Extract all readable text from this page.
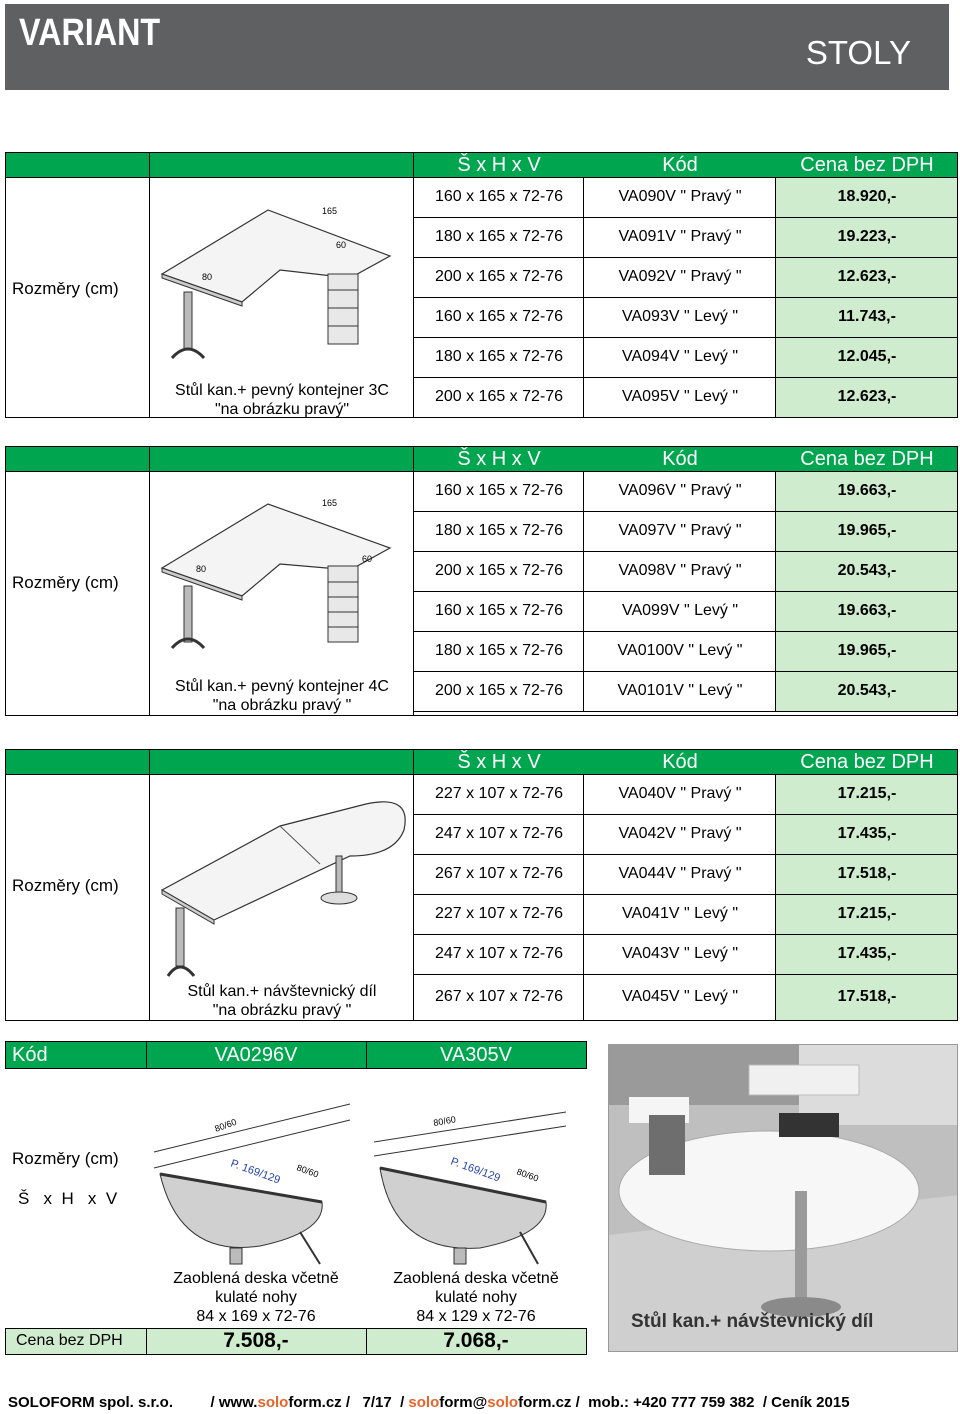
VARIANT	STOLY
Š x H x V	Kód	Cena bez DPH
Rozměry (cm)
165
60
80
Stůl kan.+ pevný kontejner 3C
"na obrázku pravý"
160 x 165 x 72-76	VA090V " Pravý "	18.920,-
180 x 165 x 72-76	VA091V " Pravý "	19.223,-
200 x 165 x 72-76	VA092V " Pravý "	12.623,-
160 x 165 x 72-76	VA093V " Levý "	11.743,-
180 x 165 x 72-76	VA094V " Levý "	12.045,-
200 x 165 x 72-76	VA095V " Levý "	12.623,-
Š x H x V	Kód	Cena bez DPH
Rozměry (cm)
165
60
80
Stůl kan.+ pevný kontejner 4C
"na obrázku pravý "
160 x 165 x 72-76	VA096V " Pravý "	19.663,-
180 x 165 x 72-76	VA097V " Pravý "	19.965,-
200 x 165 x 72-76	VA098V " Pravý "	20.543,-
160 x 165 x 72-76	VA099V " Levý "	19.663,-
180 x 165 x 72-76	VA0100V " Levý "	19.965,-
200 x 165 x 72-76	VA0101V " Levý "	20.543,-
Š x H x V	Kód	Cena bez DPH
Rozměry (cm)
Stůl kan.+ návštevnický díl
"na obrázku pravý "
227 x 107 x 72-76	VA040V " Pravý "	17.215,-
247 x 107 x 72-76	VA042V " Pravý "	17.435,-
267 x 107 x 72-76	VA044V " Pravý "	17.518,-
227 x 107 x 72-76	VA041V " Levý "	17.215,-
247 x 107 x 72-76	VA043V " Levý "	17.435,-
267 x 107 x 72-76	VA045V " Levý "	17.518,-
Kód	VA0296V	VA305V
Rozměry (cm)
Š   x  H   x  V
80/60
P. 169/129 80/60
80/60
P. 169/129 80/60
Zaoblená deska včetně
kulaté nohy
84 x 169 x 72-76
Zaoblená deska včetně
kulaté nohy
84 x 129 x 72-76
Cena bez DPH	7.508,-	7.068,-
Stůl kan.+ návštevnický díl
SOLOFORM spol. s.r.o.	/ www.soloform.cz / 7/17 / soloform@soloform.cz / mob.: +420 777 759 382 / Ceník 2015
